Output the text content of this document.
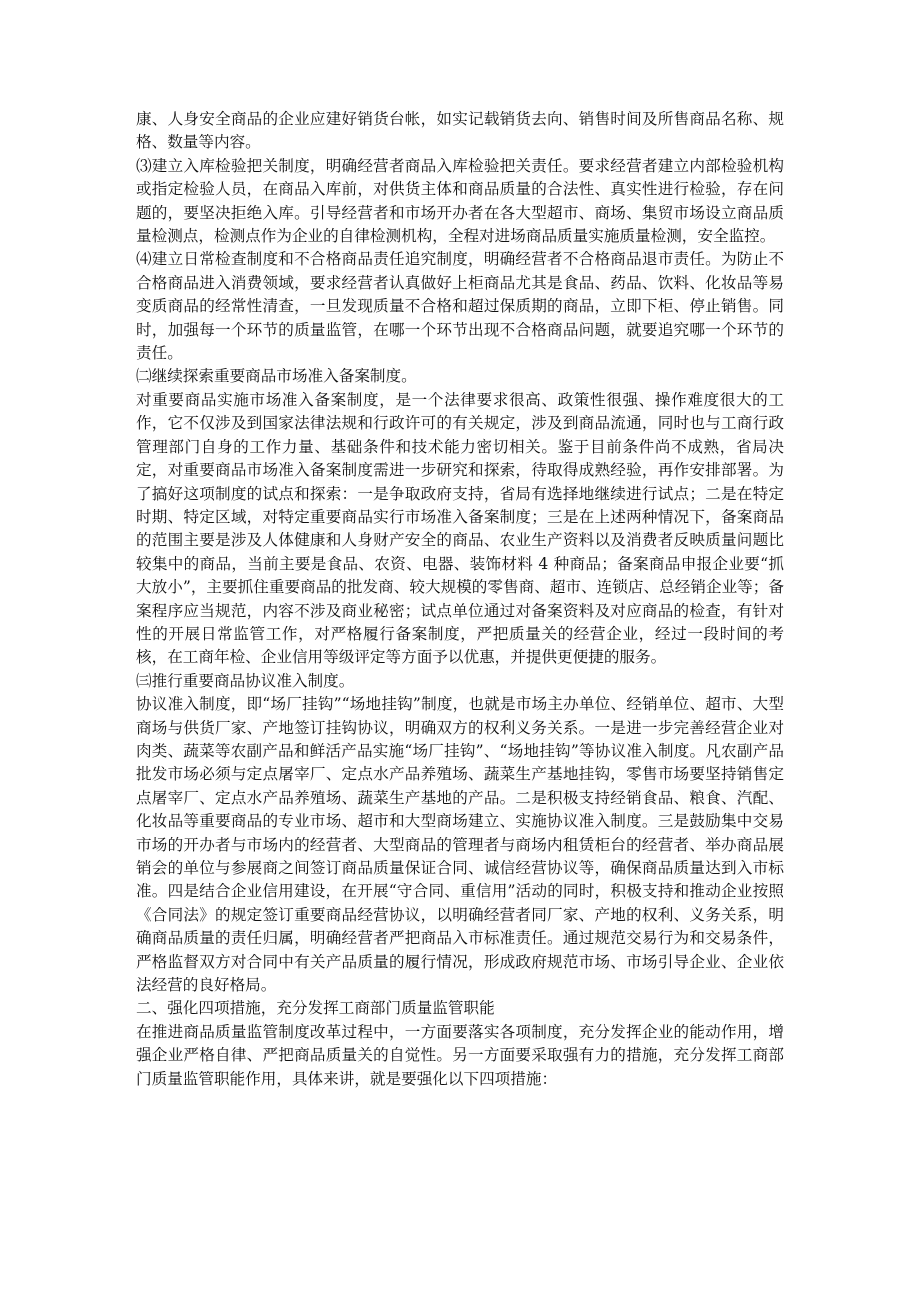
康、人身安全商品的企业应建好销货台帐，如实记载销货去向、销售时间及所售商品名称、规格、数量等内容。

⑶建立入库检验把关制度，明确经营者商品入库检验把关责任。要求经营者建立内部检验机构或指定检验人员，在商品入库前，对供货主体和商品质量的合法性、真实性进行检验，存在问题的，要坚决拒绝入库。引导经营者和市场开办者在各大型超市、商场、集贸市场设立商品质量检测点，检测点作为企业的自律检测机构，全程对进场商品质量实施质量检测，安全监控。

⑷建立日常检查制度和不合格商品责任追究制度，明确经营者不合格商品退市责任。为防止不合格商品进入消费领域，要求经营者认真做好上柜商品尤其是食品、药品、饮料、化妆品等易变质商品的经常性清查，一旦发现质量不合格和超过保质期的商品，立即下柜、停止销售。同时，加强每一个环节的质量监管，在哪一个环节出现不合格商品问题，就要追究哪一个环节的责任。

㈡继续探索重要商品市场准入备案制度。

对重要商品实施市场准入备案制度，是一个法律要求很高、政策性很强、操作难度很大的工作，它不仅涉及到国家法律法规和行政许可的有关规定，涉及到商品流通，同时也与工商行政管理部门自身的工作力量、基础条件和技术能力密切相关。鉴于目前条件尚不成熟，省局决定，对重要商品市场准入备案制度需进一步研究和探索，待取得成熟经验，再作安排部署。为了搞好这项制度的试点和探索：一是争取政府支持，省局有选择地继续进行试点；二是在特定时期、特定区域，对特定重要商品实行市场准入备案制度；三是在上述两种情况下，备案商品的范围主要是涉及人体健康和人身财产安全的商品、农业生产资料以及消费者反映质量问题比较集中的商品，当前主要是食品、农资、电器、装饰材料 4 种商品；备案商品申报企业要“抓大放小”，主要抓住重要商品的批发商、较大规模的零售商、超市、连锁店、总经销企业等；备案程序应当规范，内容不涉及商业秘密；试点单位通过对备案资料及对应商品的检查，有针对性的开展日常监管工作，对严格履行备案制度，严把质量关的经营企业，经过一段时间的考核，在工商年检、企业信用等级评定等方面予以优惠，并提供更便捷的服务。

㈢推行重要商品协议准入制度。

协议准入制度，即“场厂挂钩”“场地挂钩”制度，也就是市场主办单位、经销单位、超市、大型商场与供货厂家、产地签订挂钩协议，明确双方的权利义务关系。一是进一步完善经营企业对肉类、蔬菜等农副产品和鲜活产品实施“场厂挂钩”、“场地挂钩”等协议准入制度。凡农副产品批发市场必须与定点屠宰厂、定点水产品养殖场、蔬菜生产基地挂钩，零售市场要坚持销售定点屠宰厂、定点水产品养殖场、蔬菜生产基地的产品。二是积极支持经销食品、粮食、汽配、化妆品等重要商品的专业市场、超市和大型商场建立、实施协议准入制度。三是鼓励集中交易市场的开办者与市场内的经营者、大型商品的管理者与商场内租赁柜台的经营者、举办商品展销会的单位与参展商之间签订商品质量保证合同、诚信经营协议等，确保商品质量达到入市标准。四是结合企业信用建设，在开展“守合同、重信用”活动的同时，积极支持和推动企业按照《合同法》的规定签订重要商品经营协议，以明确经营者同厂家、产地的权利、义务关系，明确商品质量的责任归属，明确经营者严把商品入市标准责任。通过规范交易行为和交易条件，严格监督双方对合同中有关产品质量的履行情况，形成政府规范市场、市场引导企业、企业依法经营的良好格局。

二、强化四项措施，充分发挥工商部门质量监管职能

在推进商品质量监管制度改革过程中，一方面要落实各项制度，充分发挥企业的能动作用，增强企业严格自律、严把商品质量关的自觉性。另一方面要采取强有力的措施，充分发挥工商部门质量监管职能作用，具体来讲，就是要强化以下四项措施：
